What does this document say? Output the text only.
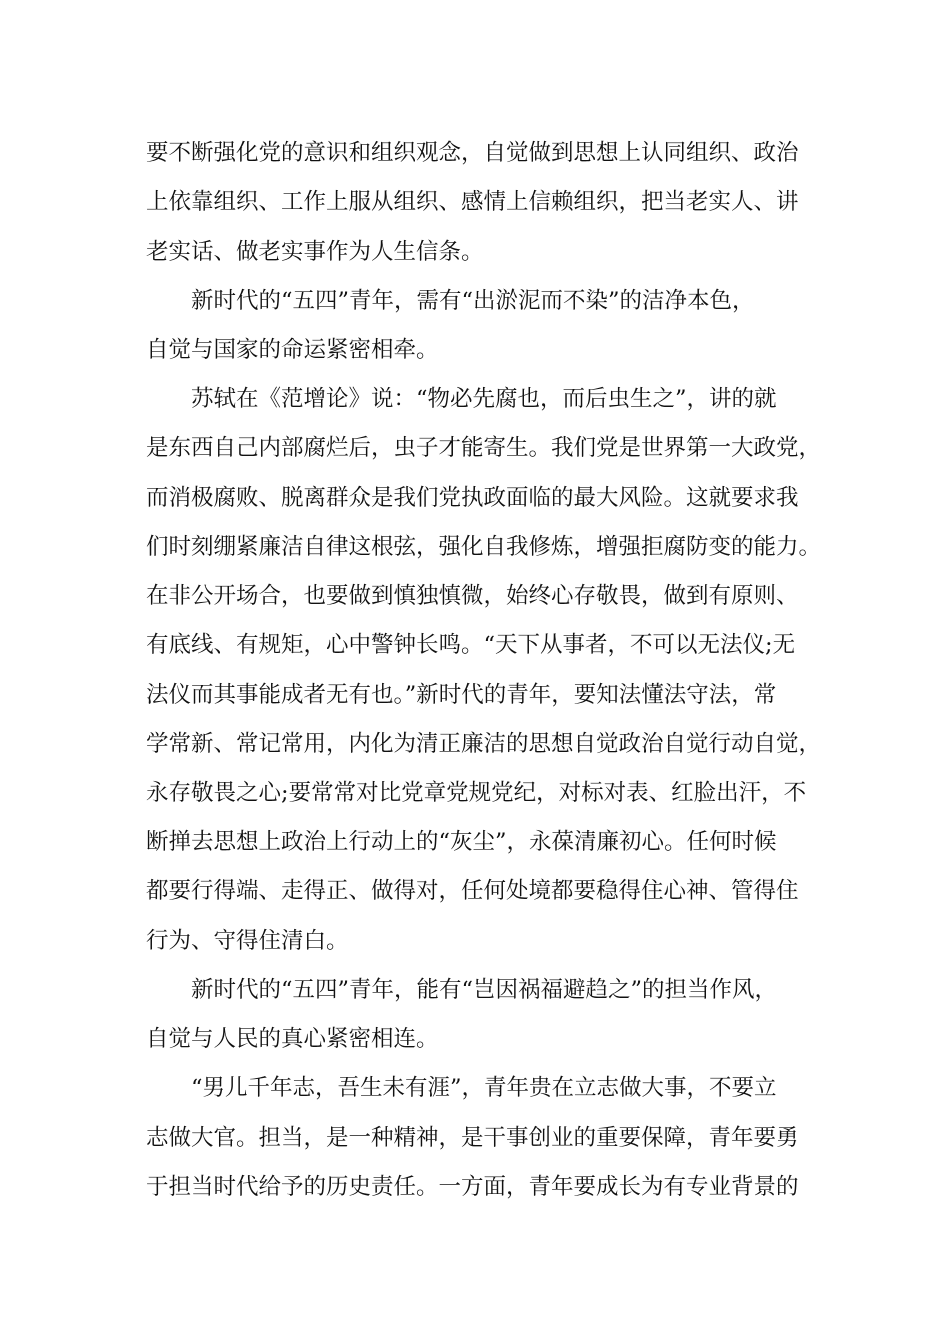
要不断强化党的意识和组织观念，自觉做到思想上认同组织、政治
上依靠组织、工作上服从组织、感情上信赖组织，把当老实人、讲
老实话、做老实事作为人生信条。
　　新时代的“五四”青年，需有“出淤泥而不染”的洁净本色，
自觉与国家的命运紧密相牵。
　　苏轼在《范增论》说：“物必先腐也，而后虫生之”，讲的就
是东西自己内部腐烂后，虫子才能寄生。我们党是世界第一大政党，
而消极腐败、脱离群众是我们党执政面临的最大风险。这就要求我
们时刻绷紧廉洁自律这根弦，强化自我修炼，增强拒腐防变的能力。
在非公开场合，也要做到慎独慎微，始终心存敬畏，做到有原则、
有底线、有规矩，心中警钟长鸣。“天下从事者，不可以无法仪;无
法仪而其事能成者无有也。”新时代的青年，要知法懂法守法，常
学常新、常记常用，内化为清正廉洁的思想自觉政治自觉行动自觉，
永存敬畏之心;要常常对比党章党规党纪，对标对表、红脸出汗，不
断掸去思想上政治上行动上的“灰尘”，永葆清廉初心。任何时候
都要行得端、走得正、做得对，任何处境都要稳得住心神、管得住
行为、守得住清白。
　　新时代的“五四”青年，能有“岂因祸福避趋之”的担当作风，
自觉与人民的真心紧密相连。
　　“男儿千年志，吾生未有涯”，青年贵在立志做大事，不要立
志做大官。担当，是一种精神，是干事创业的重要保障，青年要勇
于担当时代给予的历史责任。一方面，青年要成长为有专业背景的
